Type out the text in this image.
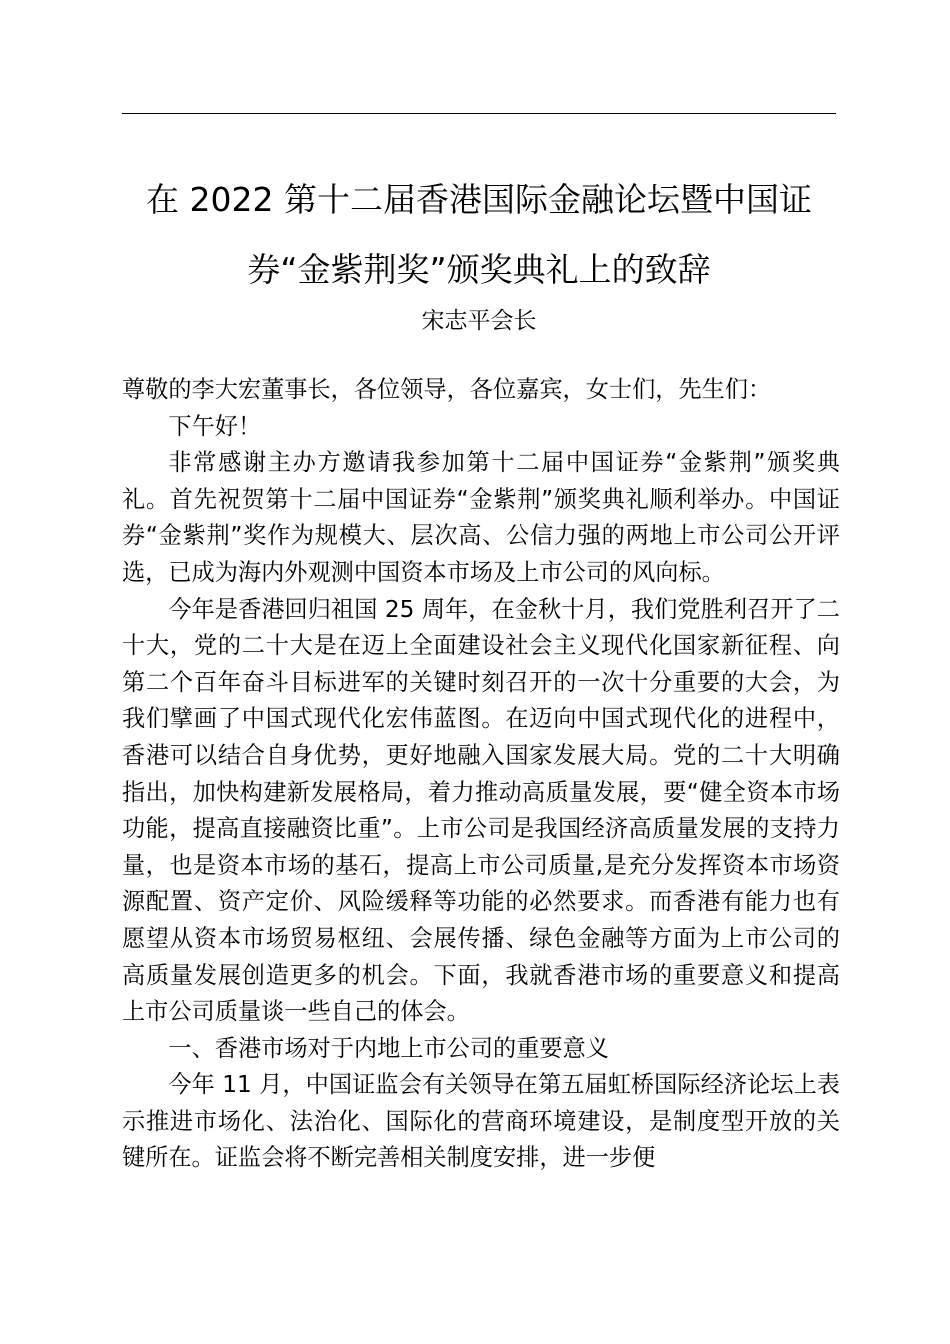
在 2022 第十二届香港国际金融论坛暨中国证
券“金紫荆奖”颁奖典礼上的致辞

宋志平会长

尊敬的李大宏董事长，各位领导，各位嘉宾，女士们，先生们：

下午好！

非常感谢主办方邀请我参加第十二届中国证券“金紫荆”颁奖典礼。首先祝贺第十二届中国证券“金紫荆”颁奖典礼顺利举办。中国证券“金紫荆”奖作为规模大、层次高、公信力强的两地上市公司公开评选，已成为海内外观测中国资本市场及上市公司的风向标。

今年是香港回归祖国 25 周年，在金秋十月，我们党胜利召开了二十大，党的二十大是在迈上全面建设社会主义现代化国家新征程、向第二个百年奋斗目标进军的关键时刻召开的一次十分重要的大会，为我们擘画了中国式现代化宏伟蓝图。在迈向中国式现代化的进程中，香港可以结合自身优势，更好地融入国家发展大局。党的二十大明确指出，加快构建新发展格局，着力推动高质量发展，要“健全资本市场功能，提高直接融资比重”。上市公司是我国经济高质量发展的支持力量，也是资本市场的基石，提高上市公司质量,是充分发挥资本市场资源配置、资产定价、风险缓释等功能的必然要求。而香港有能力也有愿望从资本市场贸易枢纽、会展传播、绿色金融等方面为上市公司的高质量发展创造更多的机会。下面，我就香港市场的重要意义和提高上市公司质量谈一些自己的体会。

一、香港市场对于内地上市公司的重要意义

今年 11 月，中国证监会有关领导在第五届虹桥国际经济论坛上表示推进市场化、法治化、国际化的营商环境建设，是制度型开放的关键所在。证监会将不断完善相关制度安排，进一步便
